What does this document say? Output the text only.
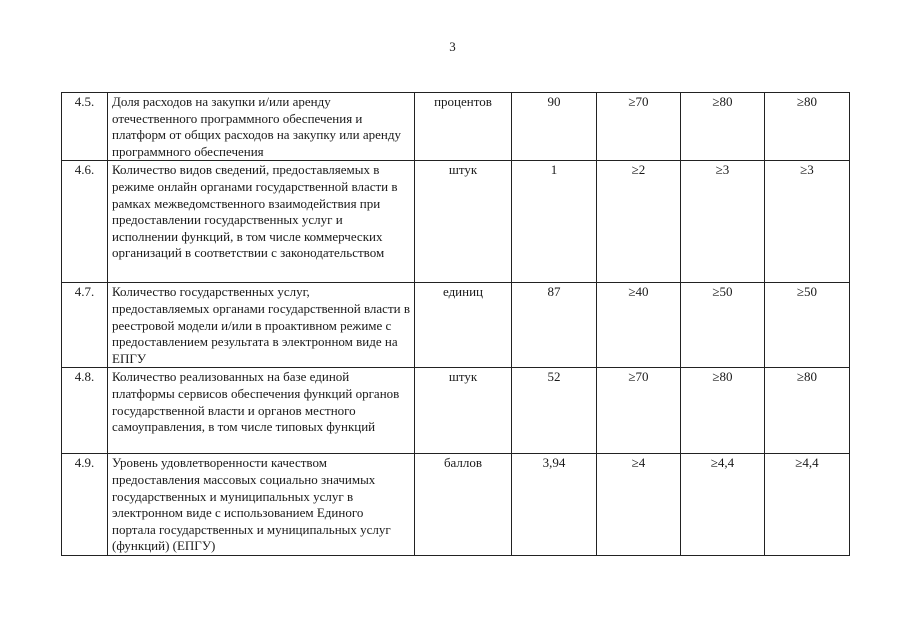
3
4.5.	Доля расходов на закупки и/или аренду отечественного программного обеспечения и платформ от общих расходов на закупку или аренду программного обеспечения	процентов	90	≥70	≥80	≥80
4.6.	Количество видов сведений, предоставляемых в режиме онлайн органами государственной власти в рамках межведомственного взаимодействия при предоставлении государственных услуг и исполнении функций, в том числе коммерческих организаций в соответствии с законодательством	штук	1	≥2	≥3	≥3
4.7.	Количество государственных услуг, предоставляемых органами государственной власти в реестровой модели и/или в проактивном режиме с предоставлением результата в электронном виде на ЕПГУ	единиц	87	≥40	≥50	≥50
4.8.	Количество реализованных на базе единой платформы сервисов обеспечения функций органов государственной власти и органов местного самоуправления, в том числе типовых функций	штук	52	≥70	≥80	≥80
4.9.	Уровень удовлетворенности качеством предоставления массовых социально значимых государственных и муниципальных услуг в электронном виде с использованием Единого портала государственных и муниципальных услуг (функций) (ЕПГУ)	баллов	3,94	≥4	≥4,4	≥4,4
